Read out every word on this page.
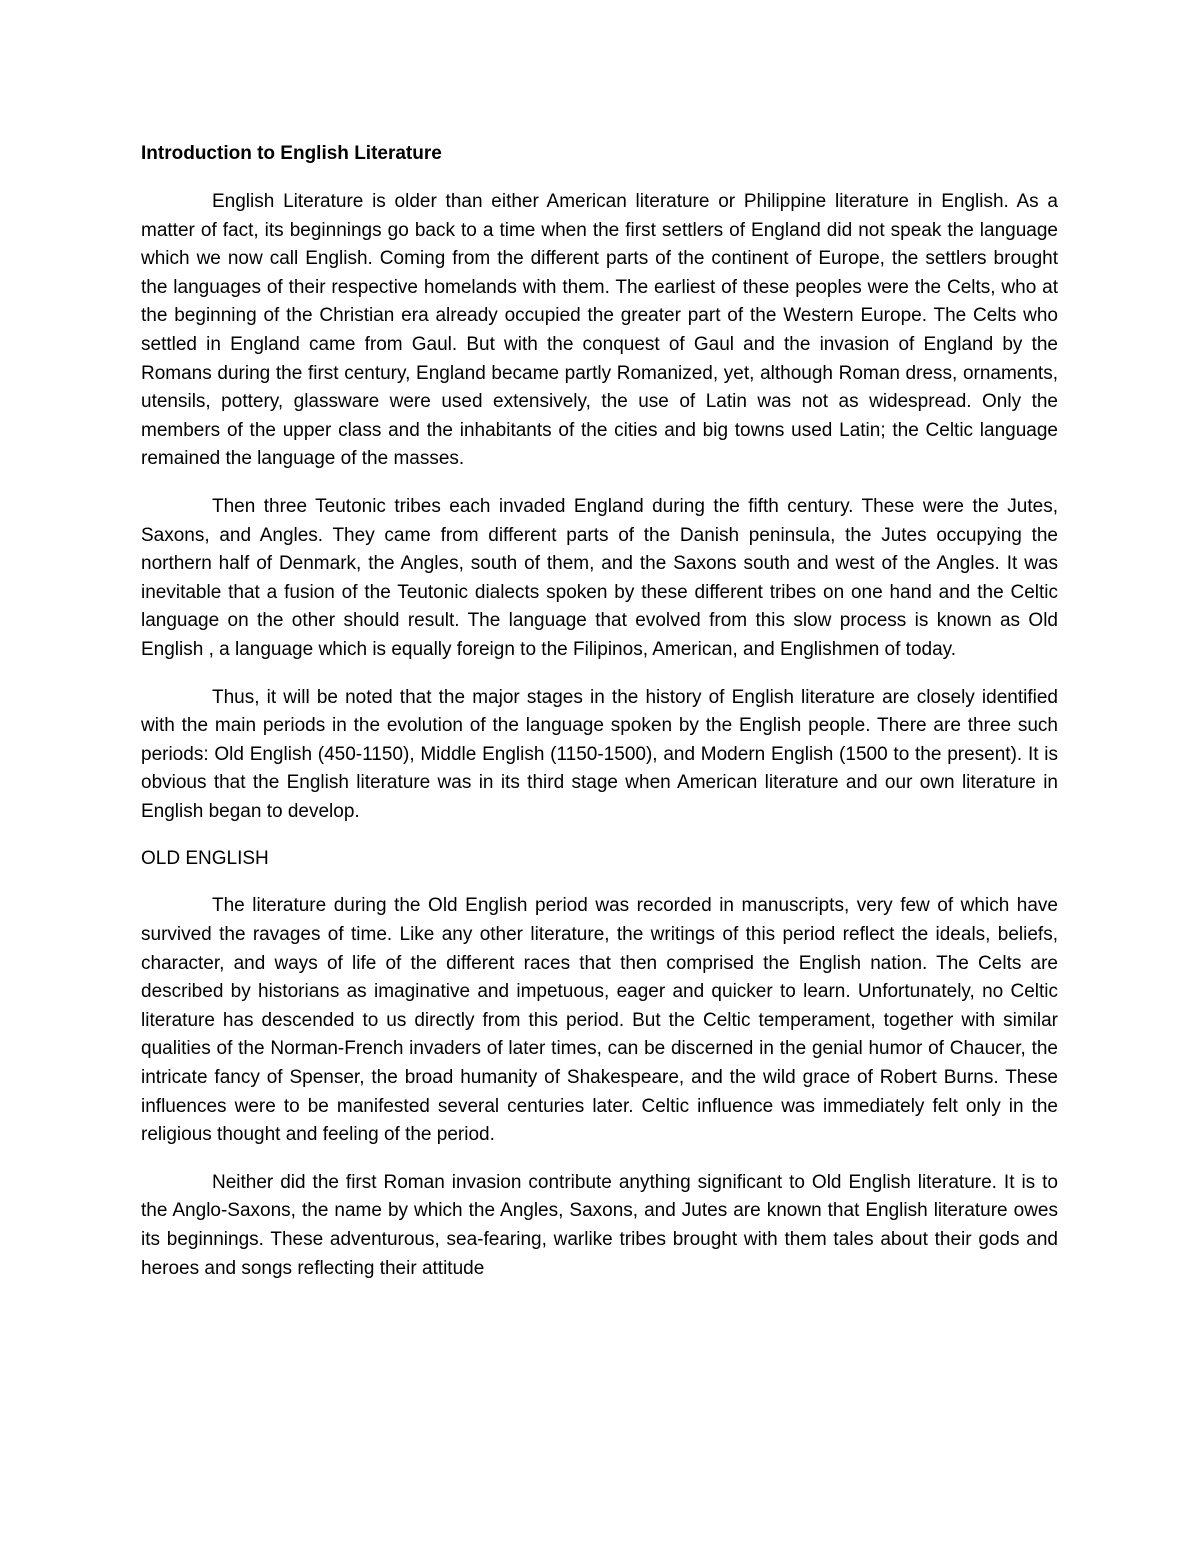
Introduction to English Literature

English Literature is older than either American literature or Philippine literature in English. As a matter of fact, its beginnings go back to a time when the first settlers of England did not speak the language which we now call English. Coming from the different parts of the continent of Europe, the settlers brought the languages of their respective homelands with them. The earliest of these peoples were the Celts, who at the beginning of the Christian era already occupied the greater part of the Western Europe. The Celts who settled in England came from Gaul. But with the conquest of Gaul and the invasion of England by the Romans during the first century, England became partly Romanized, yet, although Roman dress, ornaments, utensils, pottery, glassware were used extensively, the use of Latin was not as widespread. Only the members of the upper class and the inhabitants of the cities and big towns used Latin; the Celtic language remained the language of the masses.

Then three Teutonic tribes each invaded England during the fifth century. These were the Jutes, Saxons, and Angles. They came from different parts of the Danish peninsula, the Jutes occupying the northern half of Denmark, the Angles, south of them, and the Saxons south and west of the Angles. It was inevitable that a fusion of the Teutonic dialects spoken by these different tribes on one hand and the Celtic language on the other should result. The language that evolved from this slow process is known as Old English , a language which is equally foreign to the Filipinos, American, and Englishmen of today.

Thus, it will be noted that the major stages in the history of English literature are closely identified with the main periods in the evolution of the language spoken by the English people. There are three such periods: Old English (450-1150), Middle English (1150-1500), and Modern English (1500 to the present). It is obvious that the English literature was in its third stage when American literature and our own literature in English began to develop.

OLD ENGLISH

The literature during the Old English period was recorded in manuscripts, very few of which have survived the ravages of time. Like any other literature, the writings of this period reflect the ideals, beliefs, character, and ways of life of the different races that then comprised the English nation. The Celts are described by historians as imaginative and impetuous, eager and quicker to learn. Unfortunately, no Celtic literature has descended to us directly from this period. But the Celtic temperament, together with similar qualities of the Norman-French invaders of later times, can be discerned in the genial humor of Chaucer, the intricate fancy of Spenser, the broad humanity of Shakespeare, and the wild grace of Robert Burns. These influences were to be manifested several centuries later. Celtic influence was immediately felt only in the religious thought and feeling of the period.

Neither did the first Roman invasion contribute anything significant to Old English literature. It is to the Anglo-Saxons, the name by which the Angles, Saxons, and Jutes are known that English literature owes its beginnings. These adventurous, sea-fearing, warlike tribes brought with them tales about their gods and heroes and songs reflecting their attitude
